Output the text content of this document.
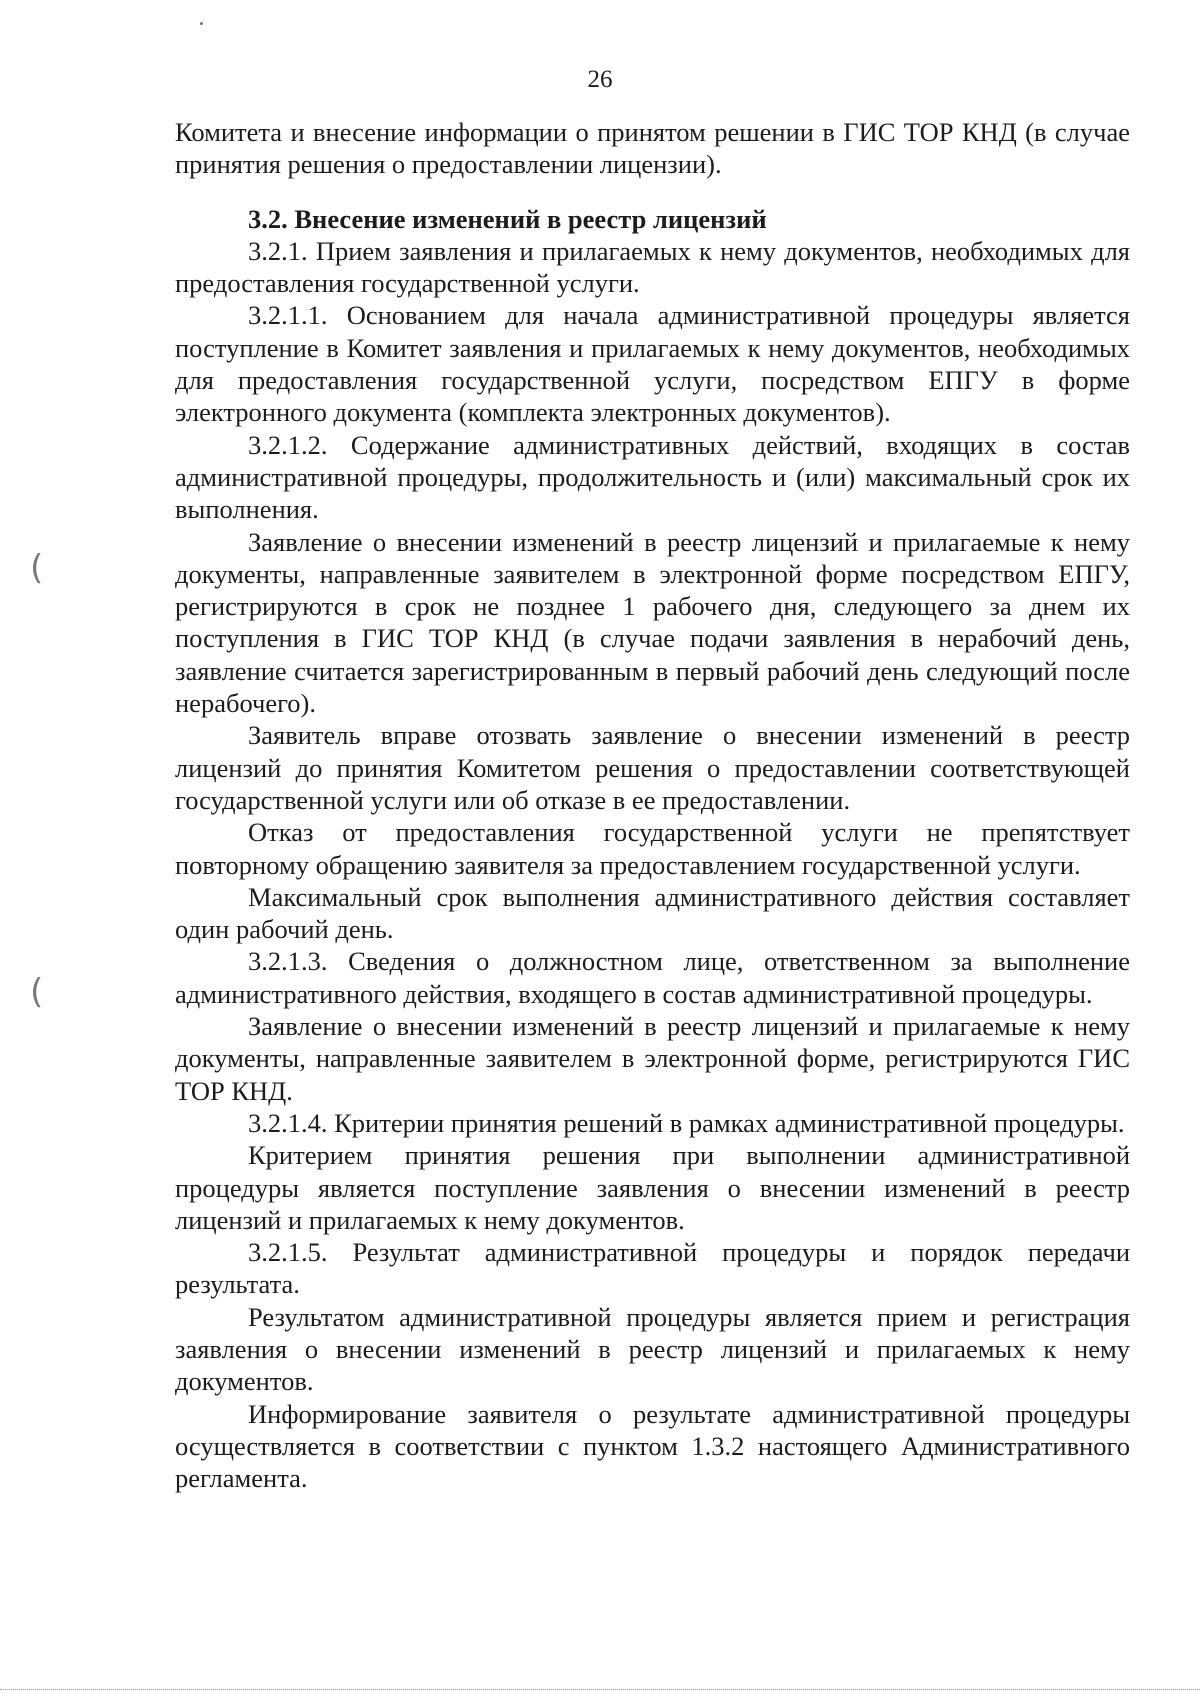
26
(
(

Комитета и внесение информации о принятом решении в ГИС ТОР КНД (в случае принятия решения о предоставлении лицензии).

3.2. Внесение изменений в реестр лицензий

3.2.1. Прием заявления и прилагаемых к нему документов, необходимых для предоставления государственной услуги.

3.2.1.1. Основанием для начала административной процедуры является поступление в Комитет заявления и прилагаемых к нему документов, необходимых для предоставления государственной услуги, посредством ЕПГУ в форме электронного документа (комплекта электронных документов).

3.2.1.2. Содержание административных действий, входящих в состав административной процедуры, продолжительность и (или) максимальный срок их выполнения.

Заявление о внесении изменений в реестр лицензий и прилагаемые к нему документы, направленные заявителем в электронной форме посредством ЕПГУ, регистрируются в срок не позднее 1 рабочего дня, следующего за днем их поступления в ГИС ТОР КНД (в случае подачи заявления в нерабочий день, заявление считается зарегистрированным в первый рабочий день следующий после нерабочего).

Заявитель вправе отозвать заявление о внесении изменений в реестр лицензий до принятия Комитетом решения о предоставлении соответствующей государственной услуги или об отказе в ее предоставлении.

Отказ от предоставления государственной услуги не препятствует повторному обращению заявителя за предоставлением государственной услуги.

Максимальный срок выполнения административного действия составляет один рабочий день.

3.2.1.3. Сведения о должностном лице, ответственном за выполнение административного действия, входящего в состав административной процедуры.

Заявление о внесении изменений в реестр лицензий и прилагаемые к нему документы, направленные заявителем в электронной форме, регистрируются ГИС ТОР КНД.

3.2.1.4. Критерии принятия решений в рамках административной процедуры.

Критерием принятия решения при выполнении административной процедуры является поступление заявления о внесении изменений в реестр лицензий и прилагаемых к нему документов.

3.2.1.5. Результат административной процедуры и порядок передачи результата.

Результатом административной процедуры является прием и регистрация заявления о внесении изменений в реестр лицензий и прилагаемых к нему документов.

Информирование заявителя о результате административной процедуры осуществляется в соответствии с пунктом 1.3.2 настоящего Административного регламента.
